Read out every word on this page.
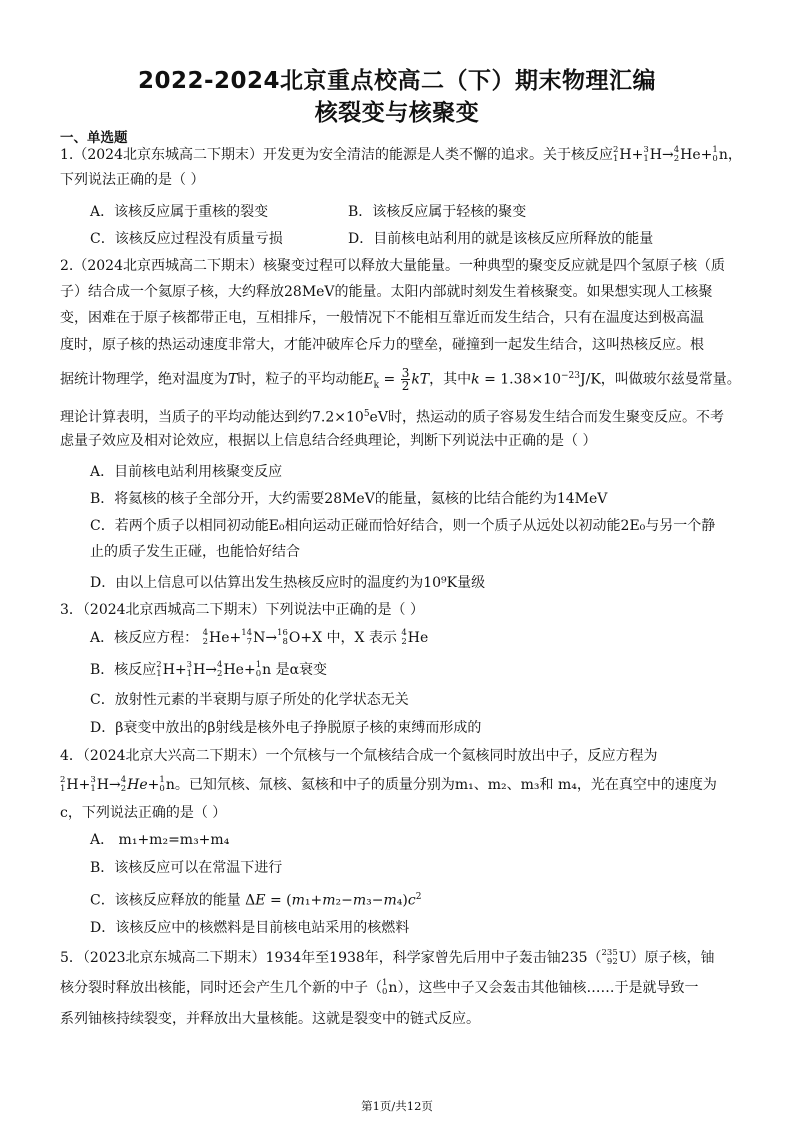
2022-2024北京重点校高二（下）期末物理汇编
核裂变与核聚变
一、单选题
1.（2024北京东城高二下期末）开发更为安全清洁的能源是人类不懈的追求。关于核反应2
1H+3
1H→4
2He+1
0n，
下列说法正确的是（ ）
A．该核反应属于重核的裂变	B．该核反应属于轻核的聚变
C．该核反应过程没有质量亏损	D．目前核电站利用的就是该核反应所释放的能量
2.（2024北京西城高二下期末）核聚变过程可以释放大量能量。一种典型的聚变反应就是四个氢原子核（质
子）结合成一个氦原子核，大约释放28MeV的能量。太阳内部就时刻发生着核聚变。如果想实现人工核聚
变，困难在于原子核都带正电，互相排斥，一般情况下不能相互靠近而发生结合，只有在温度达到极高温
度时，原子核的热运动速度非常大，才能冲破库仑斥力的壁垒，碰撞到一起发生结合，这叫热核反应。根
据统计物理学，绝对温度为T时，粒子的平均动能$E_k = \frac{3}{2}$ kT，其中$k = 1.38\times 10^{-23}J/K$，叫做玻尔兹曼常量。
理论计算表明，当质子的平均动能达到约$7.2\times 10^5eV$时，热运动的质子容易发生结合而发生聚变反应。不考
虑量子效应及相对论效应，根据以上信息结合经典理论，判断下列说法中正确的是（ ）
A．目前核电站利用核聚变反应
B．将氦核的核子全部分开，大约需要28MeV的能量，氦核的比结合能约为14MeV
C．若两个质子以相同初动能E₀相向运动正碰而恰好结合，则一个质子从远处以初动能2E₀与另一个静
止的质子发生正碰，也能恰好结合
D．由以上信息可以估算出发生热核反应时的温度约为10⁹K量级
3．（2024北京西城高二下期末）下列说法中正确的是（ ）
A．核反应方程： 4
2He+14
7N→16
8O+X 中，X 表示 4
2He
B．核反应2
1H+3
1H→4
2He+1
0n 是α衰变
C．放射性元素的半衰期与原子所处的化学状态无关
D．β衰变中放出的β射线是核外电子挣脱原子核的束缚而形成的
4．（2024北京大兴高二下期末）一个氘核与一个氚核结合成一个氦核同时放出中子，反应方程为
2
1H+3
1H→4
2He+1
0n。已知氘核、氚核、氦核和中子的质量分别为m₁、m₂、m₃和 m₄，光在真空中的速度为
c，下列说法正确的是（ ）
A． m₁+m₂=m₃+m₄
B．该核反应可以在常温下进行
C．该核反应释放的能量 $\Delta E = (m_1+m_2-m_3-m_4)c^2$
D．该核反应中的核燃料是目前核电站采用的核燃料
5．（2023北京东城高二下期末）1934年至1938年，科学家曾先后用中子轰击铀235（235
92U）原子核，铀
核分裂时释放出核能，同时还会产生几个新的中子（1
0n），这些中子又会轰击其他铀核……于是就导致一
系列铀核持续裂变，并释放出大量核能。这就是裂变中的链式反应。
第1页/共12页
